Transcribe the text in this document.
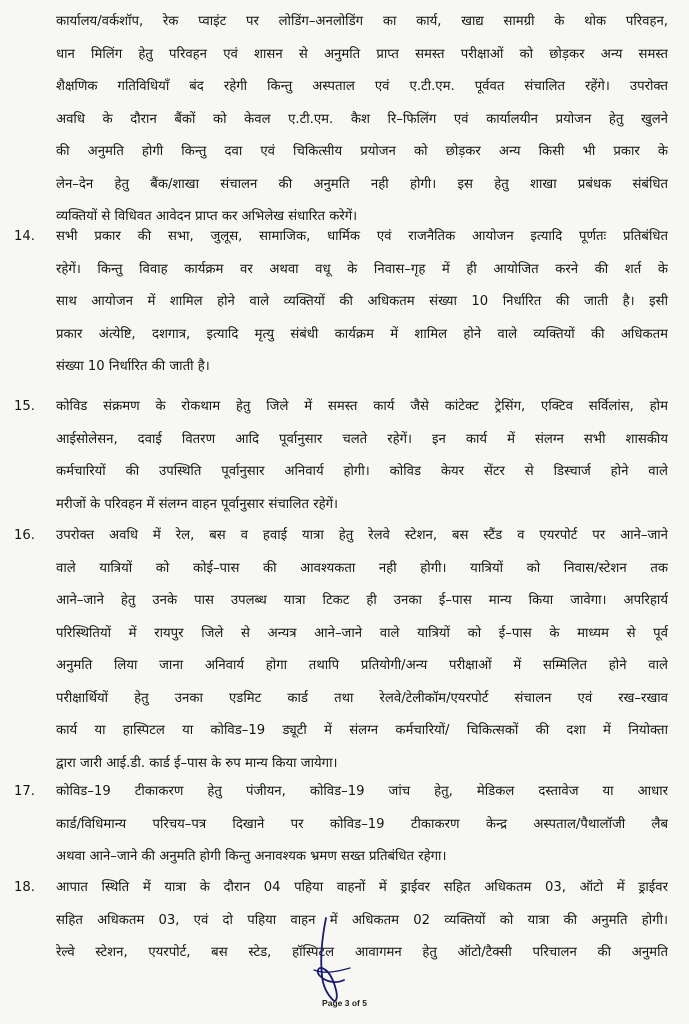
कार्यालय/वर्कशॉप, रेक प्वाइंट पर लोडिंग–अनलोडिंग का कार्य, खाद्य सामग्री के थोक परिवहन,
धान मिलिंग हेतु परिवहन एवं शासन से अनुमति प्राप्त समस्त परीक्षाओं को छोड़कर अन्य समस्त
शैक्षणिक गतिविधियाँ बंद रहेगी किन्तु अस्पताल एवं ए.टी.एम. पूर्ववत संचालित रहेंगे। उपरोक्त
अवधि के दौरान बैंकों को केवल ए.टी.एम. कैश रि–फिलिंग एवं कार्यालयीन प्रयोजन हेतु खुलने
की अनुमति होगी किन्तु दवा एवं चिकित्सीय प्रयोजन को छोड़कर अन्य किसी भी प्रकार के
लेन–देन हेतु बैंक/शाखा संचालन की अनुमति नही होगी। इस हेतु शाखा प्रबंधक संबंधित
व्यक्तियों से विधिवत आवेदन प्राप्त कर अभिलेख संधारित करेगें।
14.	सभी प्रकार की सभा, जुलूस, सामाजिक, धार्मिक एवं राजनैतिक आयोजन इत्यादि पूर्णतः प्रतिबंधित
रहेगें। किन्तु विवाह कार्यक्रम वर अथवा वधू के निवास–गृह में ही आयोजित करने की शर्त के
साथ आयोजन में शामिल होने वाले व्यक्तियों की अधिकतम संख्या 10 निर्धारित की जाती है। इसी
प्रकार अंत्येष्टि, दशगात्र, इत्यादि मृत्यु संबंधी कार्यक्रम में शामिल होने वाले व्यक्तियों की अधिकतम
संख्या 10 निर्धारित की जाती है।
15.	कोविड संक्रमण के रोकथाम हेतु जिले में समस्त कार्य जैसे कांटेक्ट ट्रेसिंग, एक्टिव सर्विलांस, होम
आईसोलेसन, दवाई वितरण आदि पूर्वानुसार चलते रहेगें। इन कार्य में संलग्न सभी शासकीय
कर्मचारियों की उपस्थिति पूर्वानुसार अनिवार्य होगी। कोविड केयर सेंटर से डिस्चार्ज होने वाले
मरीजों के परिवहन में संलग्न वाहन पूर्वानुसार संचालित रहेगें।
16.	उपरोक्त अवधि में रेल, बस व हवाई यात्रा हेतु रेलवे स्टेशन, बस स्टैंड व एयरपोर्ट पर आने–जाने
वाले यात्रियों को कोई–पास की आवश्यकता नही होगी। यात्रियों को निवास/स्टेशन तक
आने–जाने हेतु उनके पास उपलब्ध यात्रा टिकट ही उनका ई–पास मान्य किया जावेगा। अपरिहार्य
परिस्थितियों में रायपुर जिले से अन्यत्र आने–जाने वाले यात्रियों को ई–पास के माध्यम से पूर्व
अनुमति लिया जाना अनिवार्य होगा तथापि प्रतियोगी/अन्य परीक्षाओं में सम्मिलित होने वाले
परीक्षार्थियों हेतु उनका एडमिट कार्ड तथा रेलवे/टेलीकॉम/एयरपोर्ट संचालन एवं रख–रखाव
कार्य या हास्पिटल या कोविड–19 ड्यूटी में संलग्न कर्मचारियों/ चिकित्सकों की दशा में नियोक्ता
द्वारा जारी आई.डी. कार्ड ई–पास के रुप मान्य किया जायेगा।
17.	कोविड–19 टीकाकरण हेतु पंजीयन, कोविड–19 जांच हेतु, मेडिकल दस्तावेज या आधार
कार्ड/विधिमान्य परिचय–पत्र दिखाने पर कोविड–19 टीकाकरण केन्द्र अस्पताल/पैथालॉजी लैब
अथवा आने–जाने की अनुमति होगी किन्तु अनावश्यक भ्रमण सख्त प्रतिबंधित रहेगा।
18.	आपात स्थिति में यात्रा के दौरान 04 पहिया वाहनों में ड्राईवर सहित अधिकतम 03, ऑटो में ड्राईवर
सहित अधिकतम 03, एवं दो पहिया वाहन में अधिकतम 02 व्यक्तियों को यात्रा की अनुमति होगी।
रेल्वे स्टेशन, एयरपोर्ट, बस स्टेड, हॉस्पिटल आवागमन हेतु ऑटो/टैक्सी परिचालन की अनुमति
Page 3 of 5
